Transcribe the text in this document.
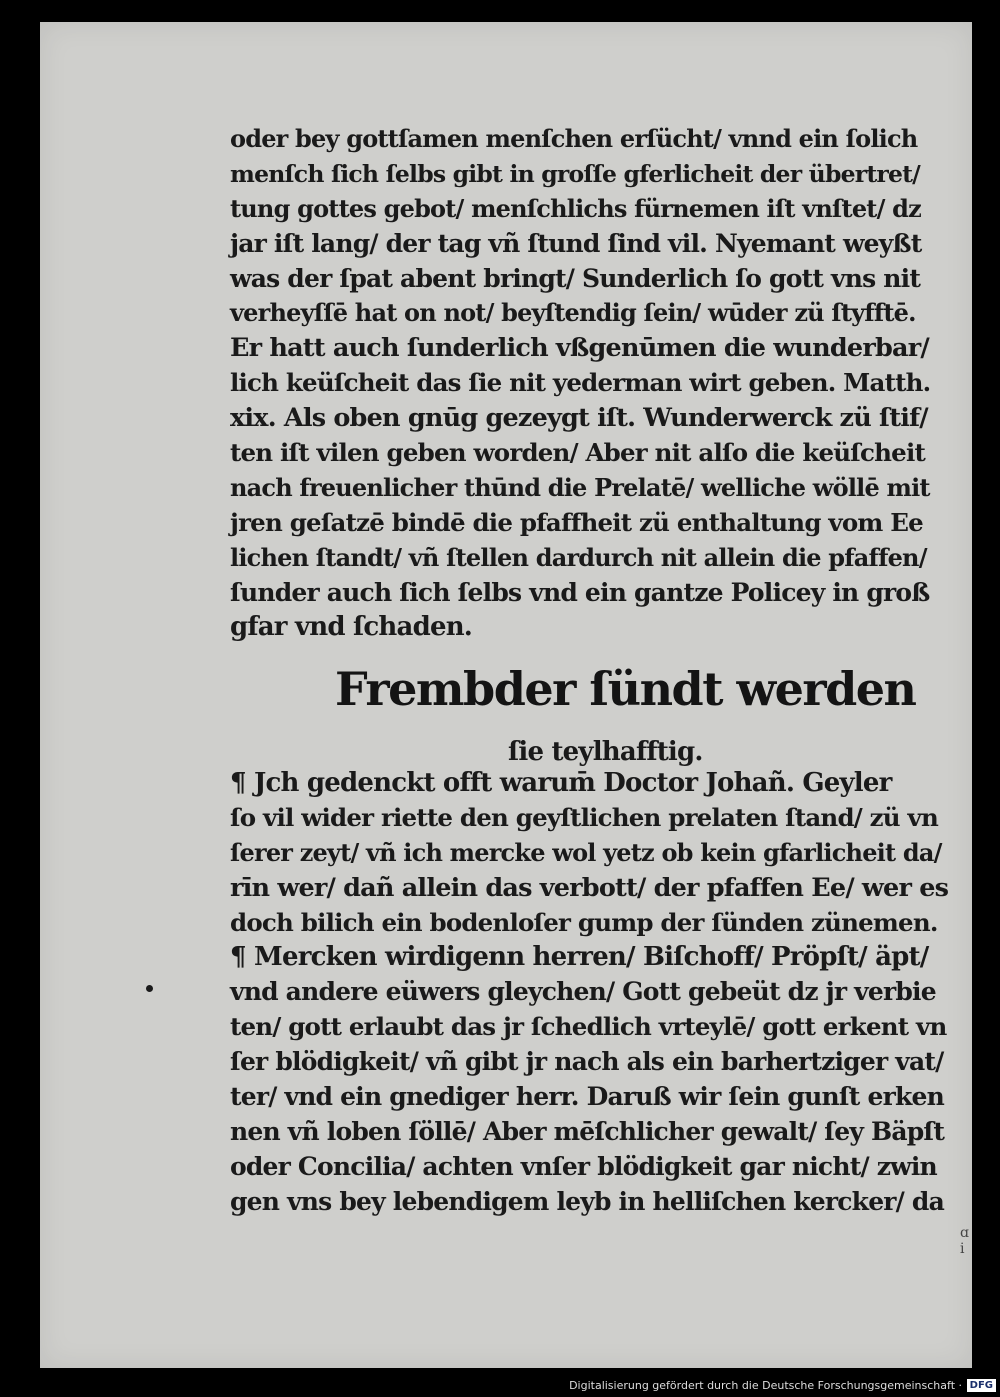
oder bey gottſamen menſchen erſücht/ vnnd ein ſolich
menſch ſich ſelbs gibt in groſſe gferlicheit der übertret/
tung gottes gebot/ menſchlichs fürnemen iſt vnſtet/ dz
jar iſt lang/ der tag vñ ſtund ſind vil. Nyemant weyßt
was der ſpat abent bringt/ Sunderlich ſo gott vns nit
verheyſſē hat on not/ beyſtendig ſein/ wūder zü ſtyfftē.
Er hatt auch ſunderlich vßgenūmen die wunderbar/
lich keüſcheit das ſie nit yederman wirt geben. Matth.
xix. Als oben gnūg gezeygt iſt. Wunderwerck zü ſtif/
ten iſt vilen geben worden/ Aber nit alſo die keüſcheit
nach freuenlicher thūnd die Prelatē/ welliche wöllē mit
jren geſatzē bindē die pfaffheit zü enthaltung vom Ee
lichen ſtandt/ vñ ſtellen dardurch nit allein die pfaffen/
ſunder auch ſich ſelbs vnd ein gantze Policey in groß
gfar vnd ſchaden.
Frembder ſündt werden
ſie teylhafftig.
¶ Jch gedenckt offt warum̄ Doctor Johañ. Geyler
ſo vil wider riette den geyſtlichen prelaten ſtand/ zü vn
ſerer zeyt/ vñ ich mercke wol yetz ob kein gfarlicheit da/
rīn wer/ dañ allein das verbott/ der pfaffen Ee/ wer es
doch bilich ein bodenloſer gump der ſünden zünemen.
¶ Mercken wirdigenn herren/ Biſchoff/ Pröpſt/ äpt/
vnd andere eüwers gleychen/ Gott gebeüt dz jr verbie
ten/ gott erlaubt das jr ſchedlich vrteylē/ gott erkent vn
ſer blödigkeit/ vñ gibt jr nach als ein barhertziger vat/
ter/ vnd ein gnediger herr. Daruß wir ſein gunſt erken
nen vñ loben ſöllē/ Aber mēſchlicher gewalt/ ſey Bäpſt
oder Concilia/ achten vnſer blödigkeit gar nicht/ zwin
gen vns bey lebendigem leyb in helliſchen kercker/ da
ɑ i
Digitalisierung gefördert durch die Deutsche Forschungsgemeinschaft · DFG
